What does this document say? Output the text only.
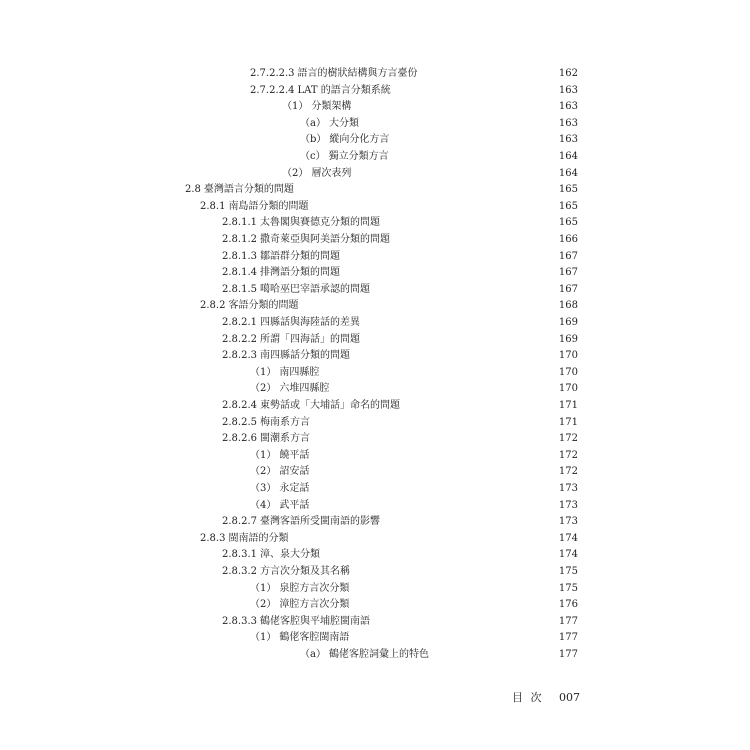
2.7.2.2.3 語言的樹狀結構與方言臺份	162
2.7.2.2.4 LAT 的語言分類系統	163
（1） 分類架構	163
（a） 大分類	163
（b） 縱向分化方言	163
（c） 獨立分類方言	164
（2） 層次表列	164
2.8 臺灣語言分類的問題	165
2.8.1 南島語分類的問題	165
2.8.1.1 太魯閣與賽德克分類的問題	165
2.8.1.2 撒奇萊亞與阿美語分類的問題	166
2.8.1.3 鄒語群分類的問題	167
2.8.1.4 排灣語分類的問題	167
2.8.1.5 噶哈巫巴宰語承認的問題	167
2.8.2 客語分類的問題	168
2.8.2.1 四縣話與海陸話的差異	169
2.8.2.2 所謂「四海話」的問題	169
2.8.2.3 南四縣話分類的問題	170
（1） 南四縣腔	170
（2） 六堆四縣腔	170
2.8.2.4 東勢話或「大埔話」命名的問題	171
2.8.2.5 梅南系方言	171
2.8.2.6 閩潮系方言	172
（1） 饒平話	172
（2） 詔安話	172
（3） 永定話	173
（4） 武平話	173
2.8.2.7 臺灣客語所受閩南語的影響	173
2.8.3 閩南語的分類	174
2.8.3.1 漳、泉大分類	174
2.8.3.2 方言次分類及其名稱	175
（1） 泉腔方言次分類	175
（2） 漳腔方言次分類	176
2.8.3.3 鶴佬客腔與平埔腔閩南語	177
（1） 鶴佬客腔閩南語	177
（a） 鶴佬客腔詞彙上的特色	177
目 次 007
